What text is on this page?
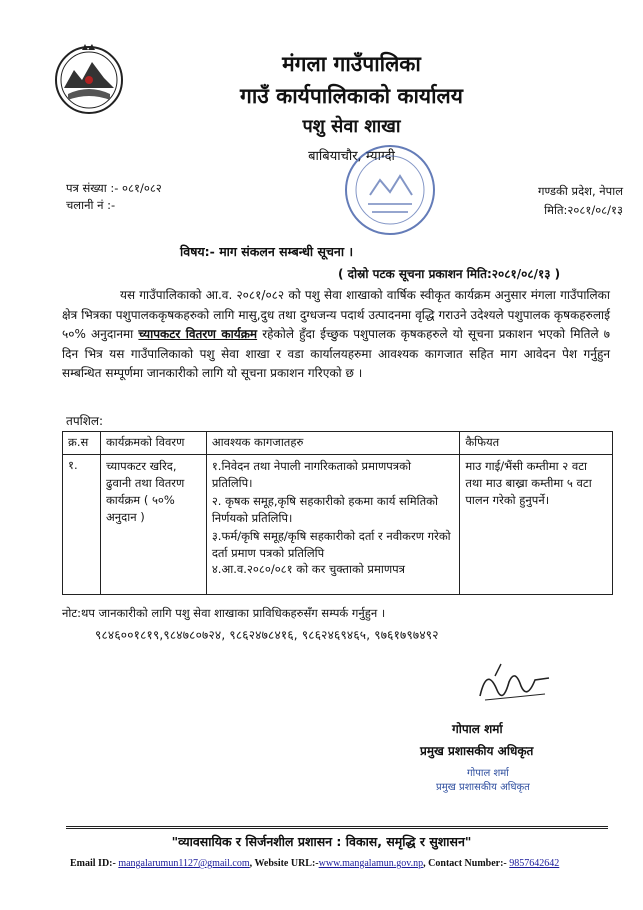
मंगला गाउँपालिका
गाउँ कार्यपालिकाको कार्यालय
पशु सेवा शाखा
बाबियाचौर, म्याग्दी
पत्र संख्या :- ०८१/०८२
चलानी नं :-
गण्डकी प्रदेश, नेपाल
मिति:२०८१/०८/१३
विषय:- माग संकलन सम्बन्धी सूचना ।
( दोस्रो पटक सूचना प्रकाशन मिति:२०८१/०८/१३ )
यस गाउँपालिकाको आ.व. २०८१/०८२ को पशु सेवा शाखाको वार्षिक स्वीकृत कार्यक्रम अनुसार मंगला गाउँपालिका क्षेत्र भित्रका पशुपालककृषकहरुको लागि मासु,दुध तथा दुग्धजन्य पदार्थ उत्पादनमा वृद्धि गराउने उदेश्यले पशुपालक कृषकहरुलाई ५०% अनुदानमा च्यापकटर वितरण कार्यक्रम रहेकोले हुँदा ईच्छुक पशुपालक कृषकहरुले यो सूचना प्रकाशन भएको मितिले ७ दिन भित्र यस गाउँपालिकाको पशु सेवा शाखा र वडा कार्यालयहरुमा आवश्यक कागजात सहित माग आवेदन पेश गर्नुहुन सम्बन्धित सम्पूर्णमा जानकारीको लागि यो सूचना प्रकाशन गरिएको छ ।
तपशिल:
क्र.स	कार्यक्रमको विवरण	आवश्यक कागजातहरु	कैफियत
१.	च्यापकटर खरिद, ढुवानी तथा वितरण कार्यक्रम ( ५०% अनुदान )	१.निवेदन तथा नेपाली नागरिकताको प्रमाणपत्रको प्रतिलिपि।
२. कृषक समूह,कृषि सहकारीको हकमा कार्य समितिको निर्णयको प्रतिलिपि।
३.फर्म/कृषि समूह/कृषि सहकारीको दर्ता र नवीकरण गरेको दर्ता प्रमाण पत्रको प्रतिलिपि
४.आ.व.२०८०/०८१ को कर चुक्ताको प्रमाणपत्र	माउ गाई/भैंसी कम्तीमा २ वटा तथा माउ बाख्रा कम्तीमा ५ वटा पालन गरेको हुनुपर्ने।
नोट:थप जानकारीको लागि पशु सेवा शाखाका प्राविधिकहरुसँग सम्पर्क गर्नुहुन ।
९८४६००१८१९,९८४७८०७२४, ९८६२४७८४१६, ९८६२४६९४६५, ९७६१७९७४९२
गोपाल शर्मा
प्रमुख प्रशासकीय अधिकृत
गोपाल शर्मा
प्रमुख प्रशासकीय अधिकृत
"व्यावसायिक र सिर्जनशील प्रशासन : विकास, समृद्धि र सुशासन"
Email ID:- mangalarumun1127@gmail.com, Website URL:-www.mangalamun.gov.np, Contact Number:- 9857642642
